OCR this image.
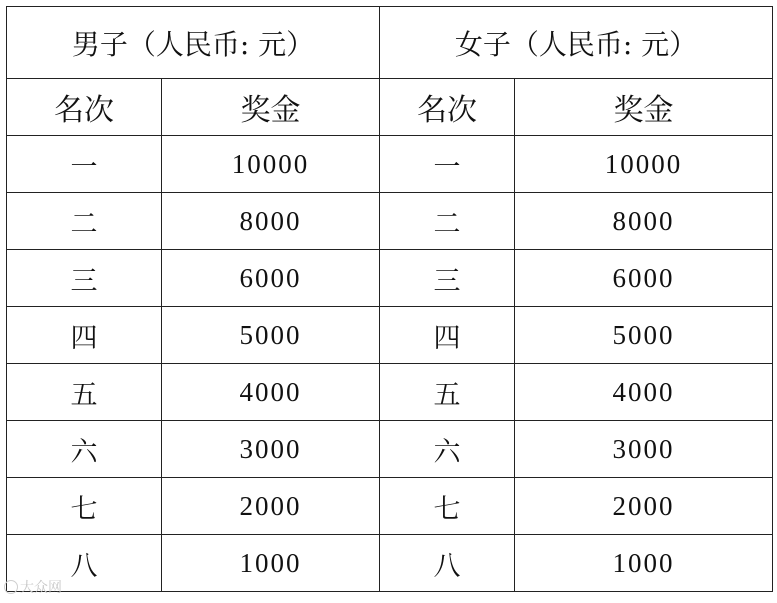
男子（人民币: 元）		女子（人民币: 元）	
名次	奖金	名次	奖金
一	10000	一	10000
二	8000	二	8000
三	6000	三	6000
四	5000	四	5000
五	4000	五	4000
六	3000	六	3000
七	2000	七	2000
八	1000	八	1000
大众网
